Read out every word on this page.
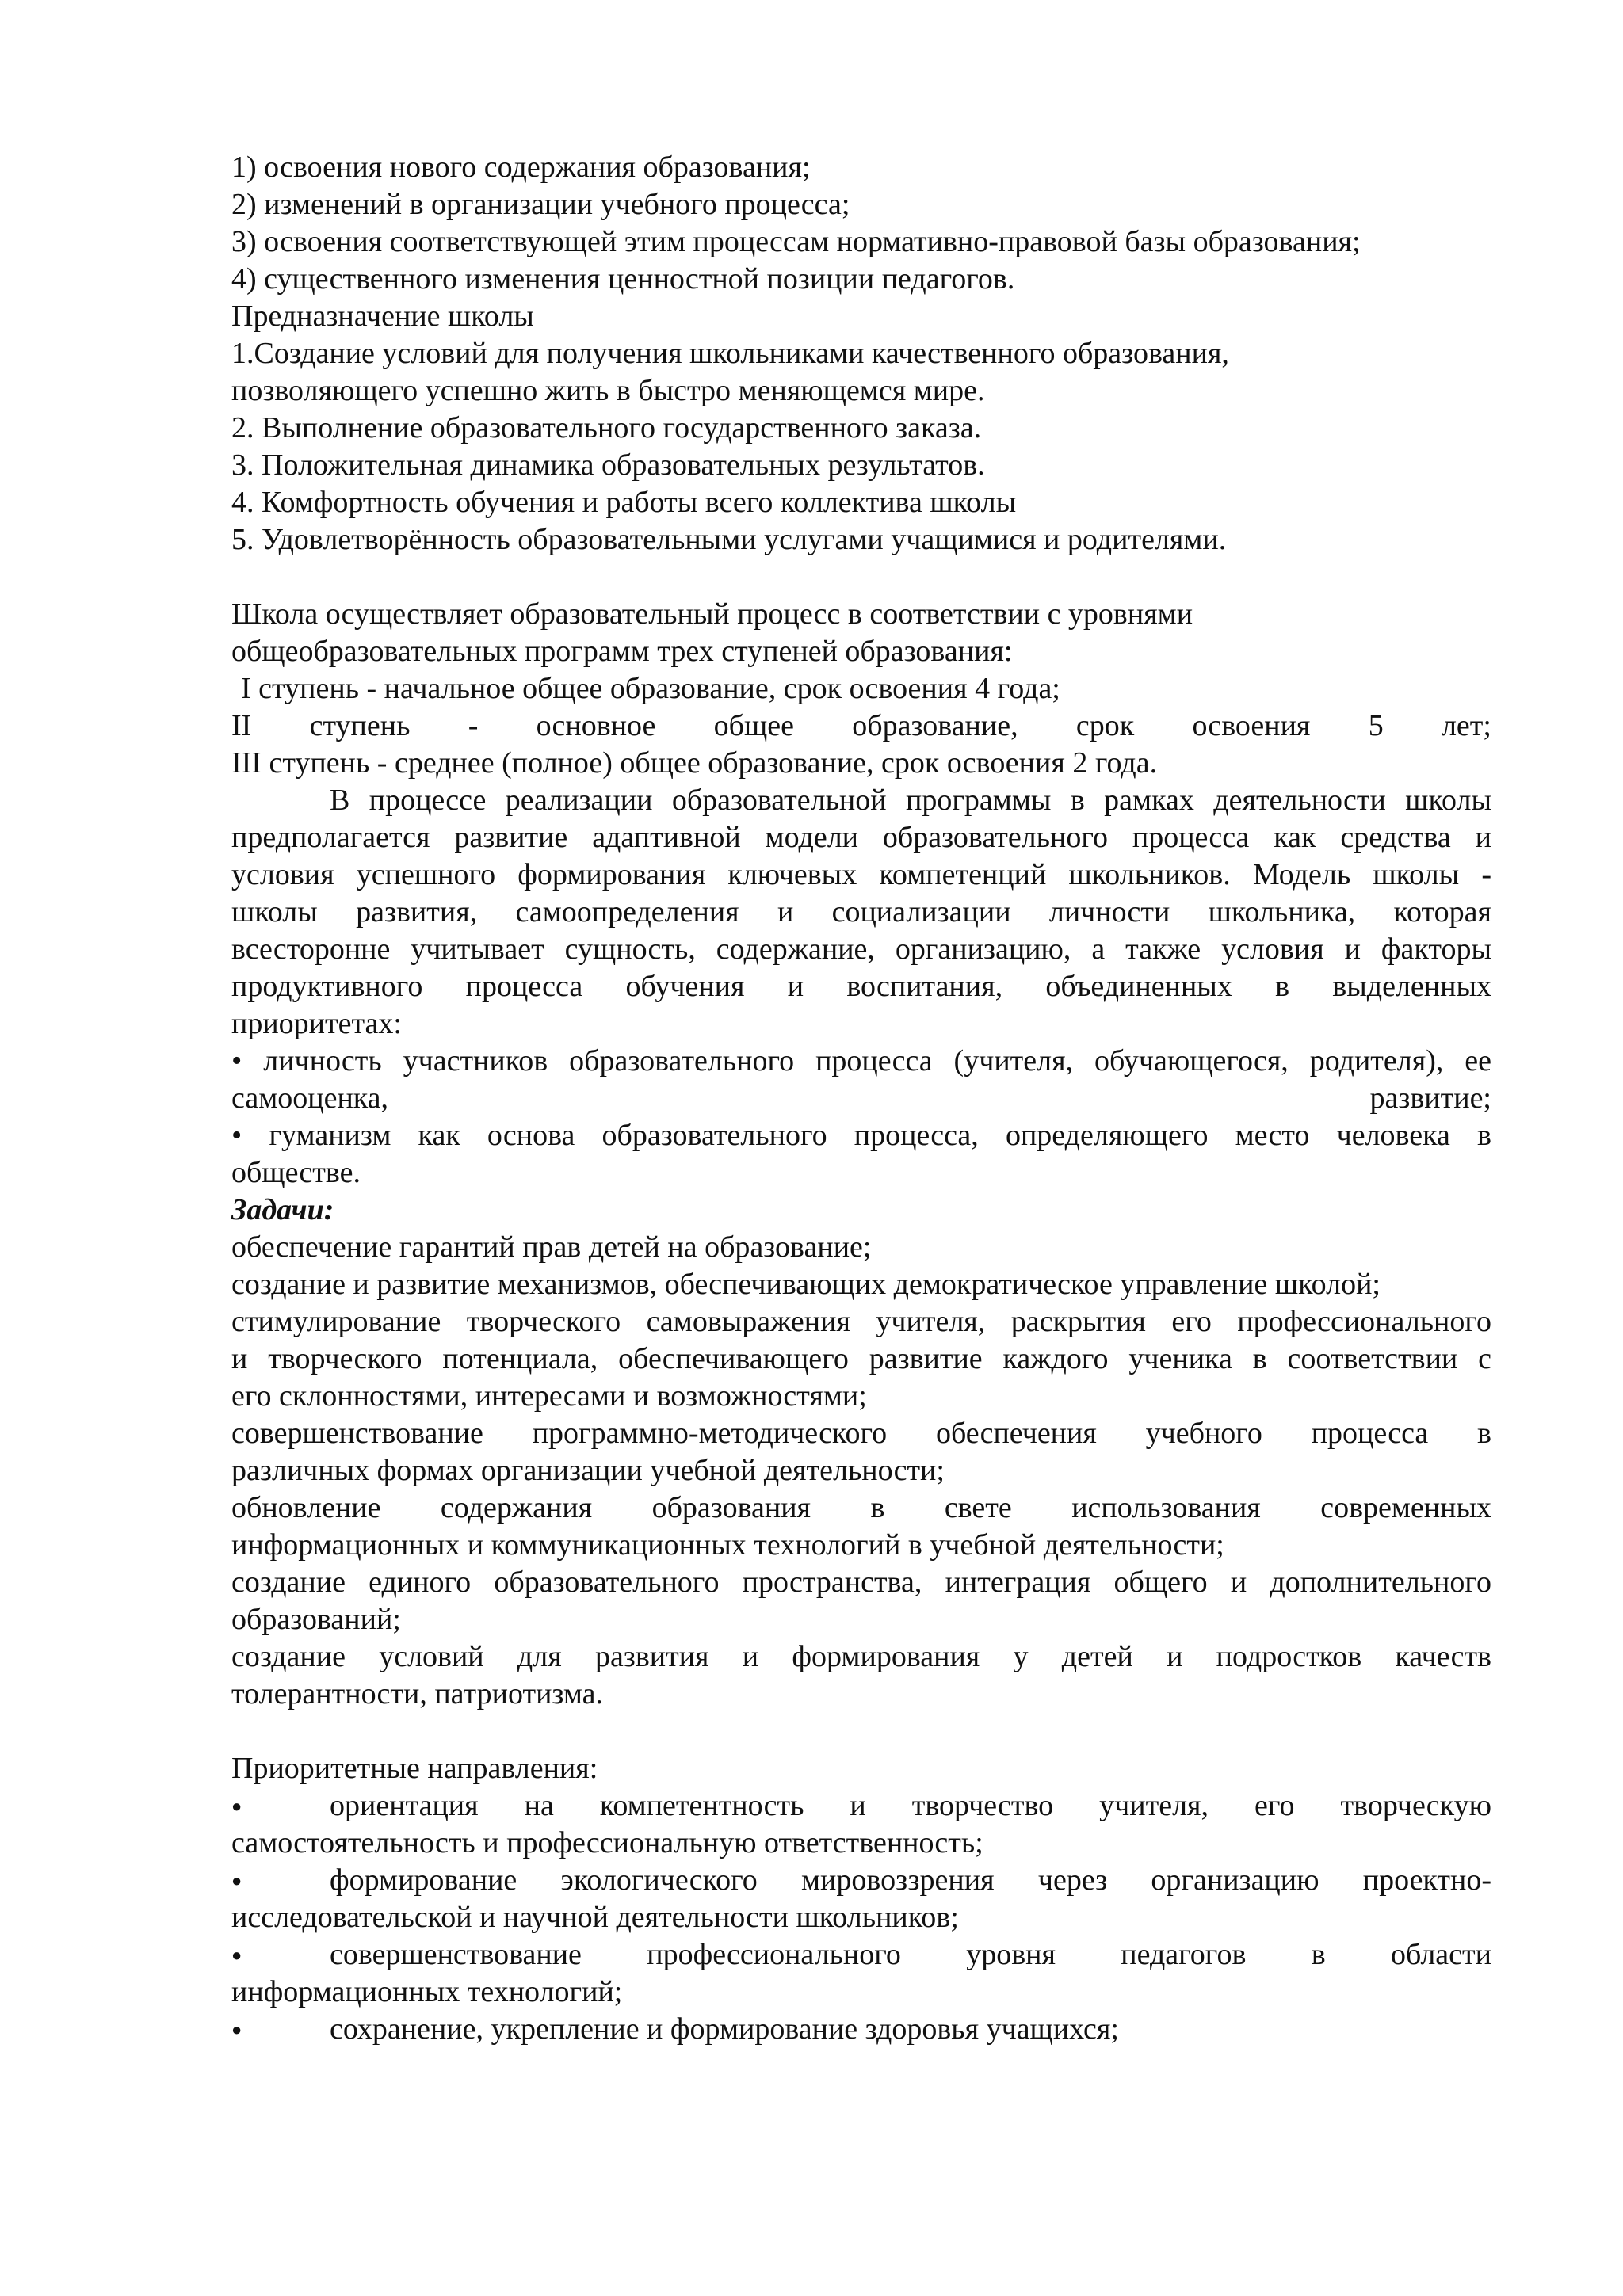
1) освоения нового содержания образования;
2) изменений в организации учебного процесса;
3) освоения соответствующей этим процессам нормативно-правовой базы образования;
4) существенного изменения ценностной позиции педагогов.
Предназначение школы
1.Создание условий для получения школьниками качественного образования,
позволяющего успешно жить в быстро меняющемся мире.
2. Выполнение образовательного государственного заказа.
3. Положительная динамика образовательных результатов.
4. Комфортность обучения и работы всего коллектива школы
5. Удовлетворённость образовательными услугами учащимися и родителями.
Школа осуществляет образовательный процесс в соответствии с уровнями
общеобразовательных программ трех ступеней образования:
I ступень - начальное общее образование, срок освоения 4 года;
II ступень - основное общее образование, срок освоения 5 лет;
III ступень - среднее (полное) общее образование, срок освоения 2 года.
В процессе реализации образовательной программы в рамках деятельности школы
предполагается развитие адаптивной модели образовательного процесса как средства и
условия успешного формирования ключевых компетенций школьников. Модель школы -
школы развития, самоопределения и социализации личности школьника, которая
всесторонне учитывает сущность, содержание, организацию, а также условия и факторы
продуктивного процесса обучения и воспитания, объединенных в выделенных
приоритетах:
• личность участников образовательного процесса (учителя, обучающегося, родителя), ее
самооценка,	развитие;
• гуманизм как основа образовательного процесса, определяющего место человека в
обществе.
Задачи:
обеспечение гарантий прав детей на образование;
создание и развитие механизмов, обеспечивающих демократическое управление школой;
стимулирование творческого самовыражения учителя, раскрытия его профессионального
и творческого потенциала, обеспечивающего развитие каждого ученика в соответствии с
его склонностями, интересами и возможностями;
совершенствование программно-методического обеспечения учебного процесса в
различных формах организации учебной деятельности;
обновление содержания образования в свете использования современных
информационных и коммуникационных технологий в учебной деятельности;
создание единого образовательного пространства, интеграция общего и дополнительного
образований;
создание условий для развития и формирования у детей и подростков качеств
толерантности, патриотизма.
Приоритетные направления:
●	ориентация на компетентность и творчество учителя, его творческую
самостоятельность и профессиональную ответственность;
●	формирование экологического мировоззрения через организацию проектно-
исследовательской и научной деятельности школьников;
●	совершенствование профессионального уровня педагогов в области
информационных технологий;
●	сохранение, укрепление и формирование здоровья учащихся;
